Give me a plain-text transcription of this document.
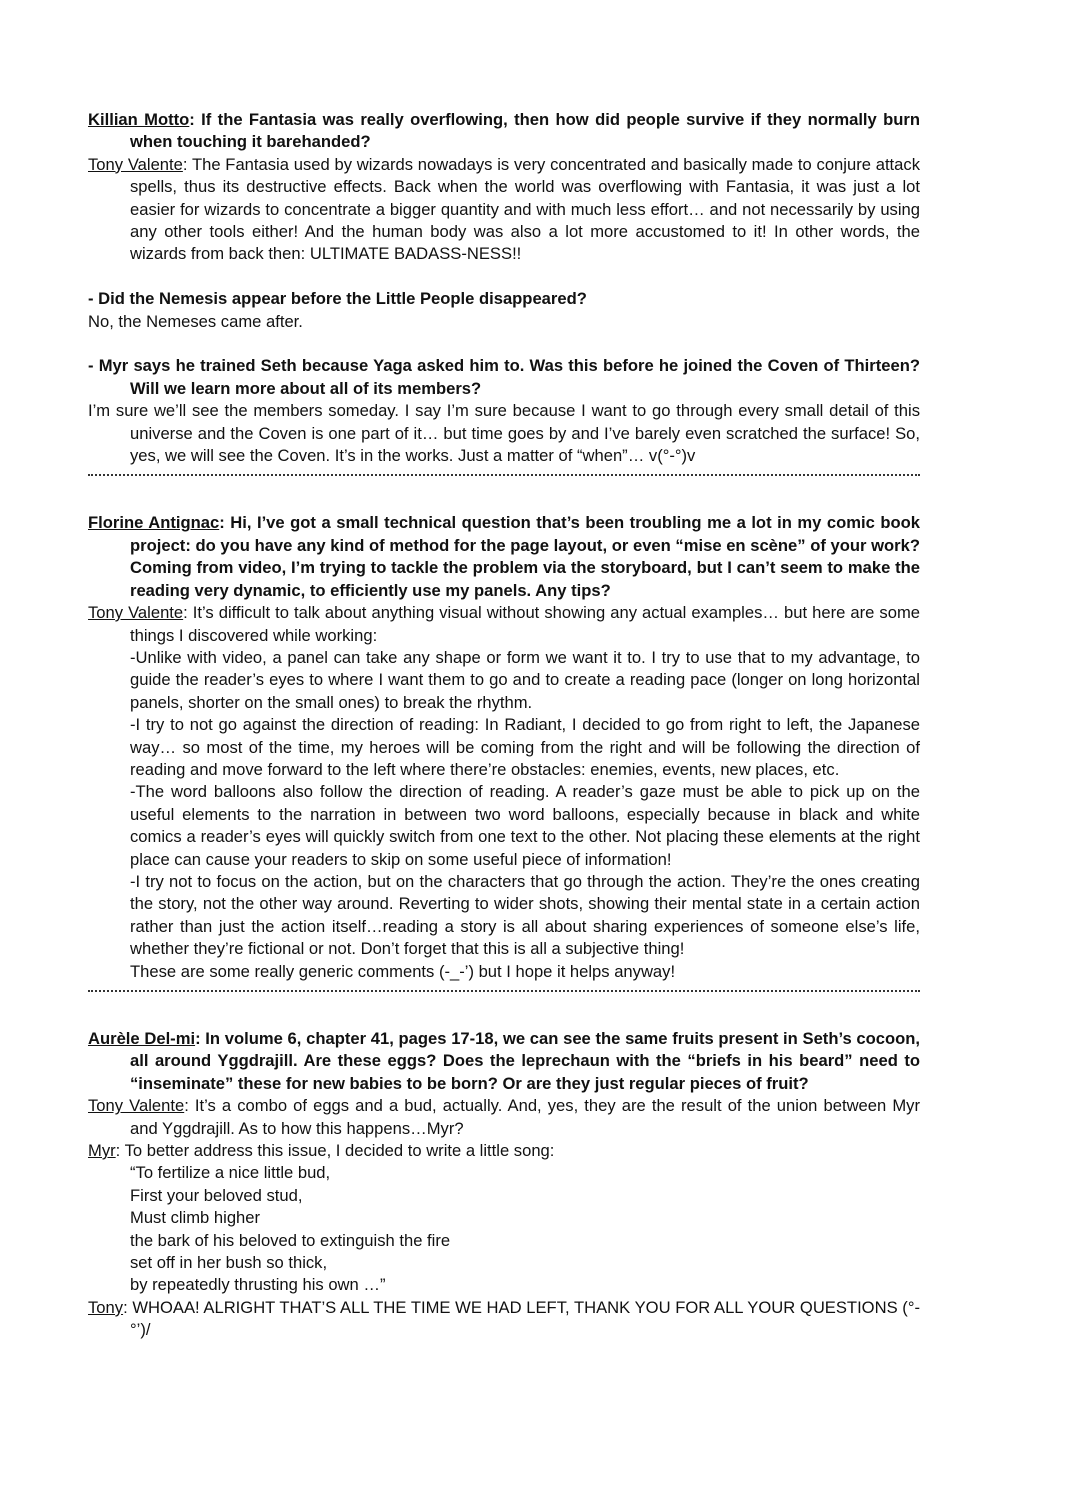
Killian Motto: If the Fantasia was really overflowing, then how did people survive if they normally burn when touching it barehanded?

Tony Valente: The Fantasia used by wizards nowadays is very concentrated and basically made to conjure attack spells, thus its destructive effects. Back when the world was overflowing with Fantasia, it was just a lot easier for wizards to concentrate a bigger quantity and with much less effort… and not necessarily by using any other tools either! And the human body was also a lot more accustomed to it! In other words, the wizards from back then: ULTIMATE BADASS-NESS!!

- Did the Nemesis appear before the Little People disappeared?

No, the Nemeses came after.

- Myr says he trained Seth because Yaga asked him to. Was this before he joined the Coven of Thirteen? Will we learn more about all of its members?

I’m sure we’ll see the members someday. I say I’m sure because I want to go through every small detail of this universe and the Coven is one part of it… but time goes by and I’ve barely even scratched the surface! So, yes, we will see the Coven. It’s in the works. Just a matter of “when”… v(°-°)v

Florine Antignac: Hi, I’ve got a small technical question that’s been troubling me a lot in my comic book project: do you have any kind of method for the page layout, or even “mise en scène” of your work? Coming from video, I’m trying to tackle the problem via the storyboard, but I can’t seem to make the reading very dynamic, to efficiently use my panels. Any tips?

Tony Valente: It’s difficult to talk about anything visual without showing any actual examples… but here are some things I discovered while working:

-Unlike with video, a panel can take any shape or form we want it to. I try to use that to my advantage, to guide the reader’s eyes to where I want them to go and to create a reading pace (longer on long horizontal panels, shorter on the small ones) to break the rhythm.

-I try to not go against the direction of reading: In Radiant, I decided to go from right to left, the Japanese way… so most of the time, my heroes will be coming from the right and will be following the direction of reading and move forward to the left where there’re obstacles: enemies, events, new places, etc.

-The word balloons also follow the direction of reading. A reader’s gaze must be able to pick up on the useful elements to the narration in between two word balloons, especially because in black and white comics a reader’s eyes will quickly switch from one text to the other. Not placing these elements at the right place can cause your readers to skip on some useful piece of information!

-I try not to focus on the action, but on the characters that go through the action. They’re the ones creating the story, not the other way around. Reverting to wider shots, showing their mental state in a certain action rather than just the action itself…reading a story is all about sharing experiences of someone else’s life, whether they’re fictional or not. Don’t forget that this is all a subjective thing!

These are some really generic comments (-_-’) but I hope it helps anyway!

Aurèle Del-mi: In volume 6, chapter 41, pages 17-18, we can see the same fruits present in Seth’s cocoon, all around Yggdrajill. Are these eggs? Does the leprechaun with the “briefs in his beard” need to “inseminate” these for new babies to be born? Or are they just regular pieces of fruit?

Tony Valente: It’s a combo of eggs and a bud, actually. And, yes, they are the result of the union between Myr and Yggdrajill. As to how this happens…Myr?

Myr: To better address this issue, I decided to write a little song:

“To fertilize a nice little bud,

First your beloved stud,

Must climb higher

the bark of his beloved to extinguish the fire

set off in her bush so thick,

by repeatedly thrusting his own …”

Tony: WHOAA! ALRIGHT THAT’S ALL THE TIME WE HAD LEFT, THANK YOU FOR ALL YOUR QUESTIONS (°-°’)/
